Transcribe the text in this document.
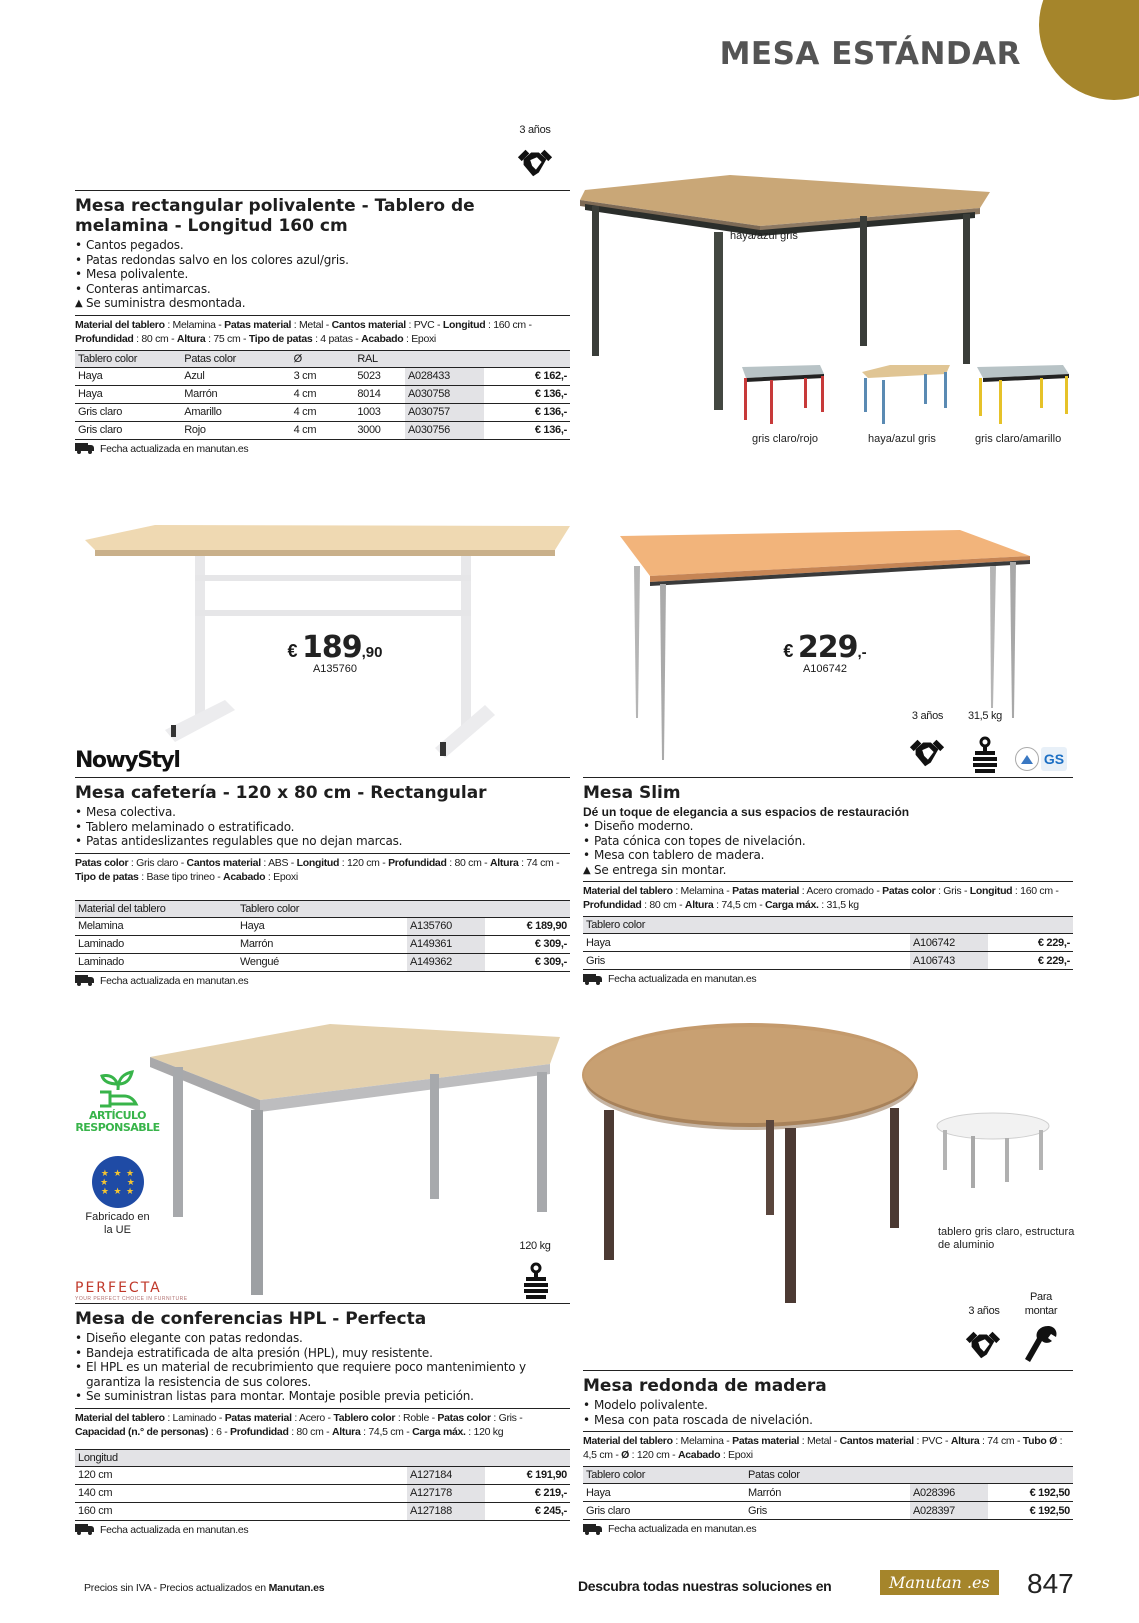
MESA ESTÁNDAR
3 años
Mesa rectangular polivalente - Tablero de melamina - Longitud 160 cm
• Cantos pegados.
• Patas redondas salvo en los colores azul/gris.
• Mesa polivalente.
• Conteras antimarcas.
▲ Se suministra desmontada.
Material del tablero : Melamina - Patas material : Metal - Cantos material : PVC - Longitud : 160 cm - Profundidad : 80 cm - Altura : 75 cm - Tipo de patas : 4 patas - Acabado : Epoxi
Tablero color	Patas color	Ø	RAL		
Haya	Azul	3 cm	5023	A028433	€ 162,-
Haya	Marrón	4 cm	8014	A030758	€ 136,-
Gris claro	Amarillo	4 cm	1003	A030757	€ 136,-
Gris claro	Rojo	4 cm	3000	A030756	€ 136,-
Fecha actualizada en manutan.es
haya/azul gris
gris claro/rojo	haya/azul gris	gris claro/amarillo
€ 189,90
A135760
NowyStyl
Mesa cafetería - 120 x 80 cm - Rectangular
• Mesa colectiva.
• Tablero melaminado o estratificado.
• Patas antideslizantes regulables que no dejan marcas.
Patas color : Gris claro - Cantos material : ABS - Longitud : 120 cm - Profundidad : 80 cm - Altura : 74 cm - Tipo de patas : Base tipo trineo - Acabado : Epoxi
Material del tablero	Tablero color		
Melamina	Haya	A135760	€ 189,90
Laminado	Marrón	A149361	€ 309,-
Laminado	Wengué	A149362	€ 309,-
Fecha actualizada en manutan.es
€ 229,-
A106742
3 años	31,5 kg
GS
Mesa Slim
Dé un toque de elegancia a sus espacios de restauración
• Diseño moderno.
• Pata cónica con topes de nivelación.
• Mesa con tablero de madera.
▲ Se entrega sin montar.
Material del tablero : Melamina - Patas material : Acero cromado - Patas color : Gris - Longitud : 160 cm - Profundidad : 80 cm - Altura : 74,5 cm - Carga máx. : 31,5 kg
Tablero color		
Haya	A106742	€ 229,-
Gris	A106743	€ 229,-
Fecha actualizada en manutan.es
ARTÍCULO RESPONSABLE
★ ★ ★
★     ★
★ ★ ★
Fabricado en la UE
PERFECTA
YOUR PERFECT CHOICE IN FURNITURE
120 kg
Mesa de conferencias HPL - Perfecta
• Diseño elegante con patas redondas.
• Bandeja estratificada de alta presión (HPL), muy resistente.
• El HPL es un material de recubrimiento que requiere poco mantenimiento y garantiza la resistencia de sus colores.
• Se suministran listas para montar. Montaje posible previa petición.
Material del tablero : Laminado - Patas material : Acero - Tablero color : Roble - Patas color : Gris - Capacidad (n.° de personas) : 6 - Profundidad : 80 cm - Altura : 74,5 cm - Carga máx. : 120 kg
Longitud		
120 cm	A127184	€ 191,90
140 cm	A127178	€ 219,-
160 cm	A127188	€ 245,-
Fecha actualizada en manutan.es
tablero gris claro, estructura de aluminio
3 años
Para montar
Mesa redonda de madera
• Modelo polivalente.
• Mesa con pata roscada de nivelación.
Material del tablero : Melamina - Patas material : Metal - Cantos material : PVC - Altura : 74 cm - Tubo Ø : 4,5 cm - Ø : 120 cm - Acabado : Epoxi
Tablero color	Patas color		
Haya	Marrón	A028396	€ 192,50
Gris claro	Gris	A028397	€ 192,50
Fecha actualizada en manutan.es
Precios sin IVA - Precios actualizados en Manutan.es	Descubra todas nuestras soluciones en	Manutan .es	847
